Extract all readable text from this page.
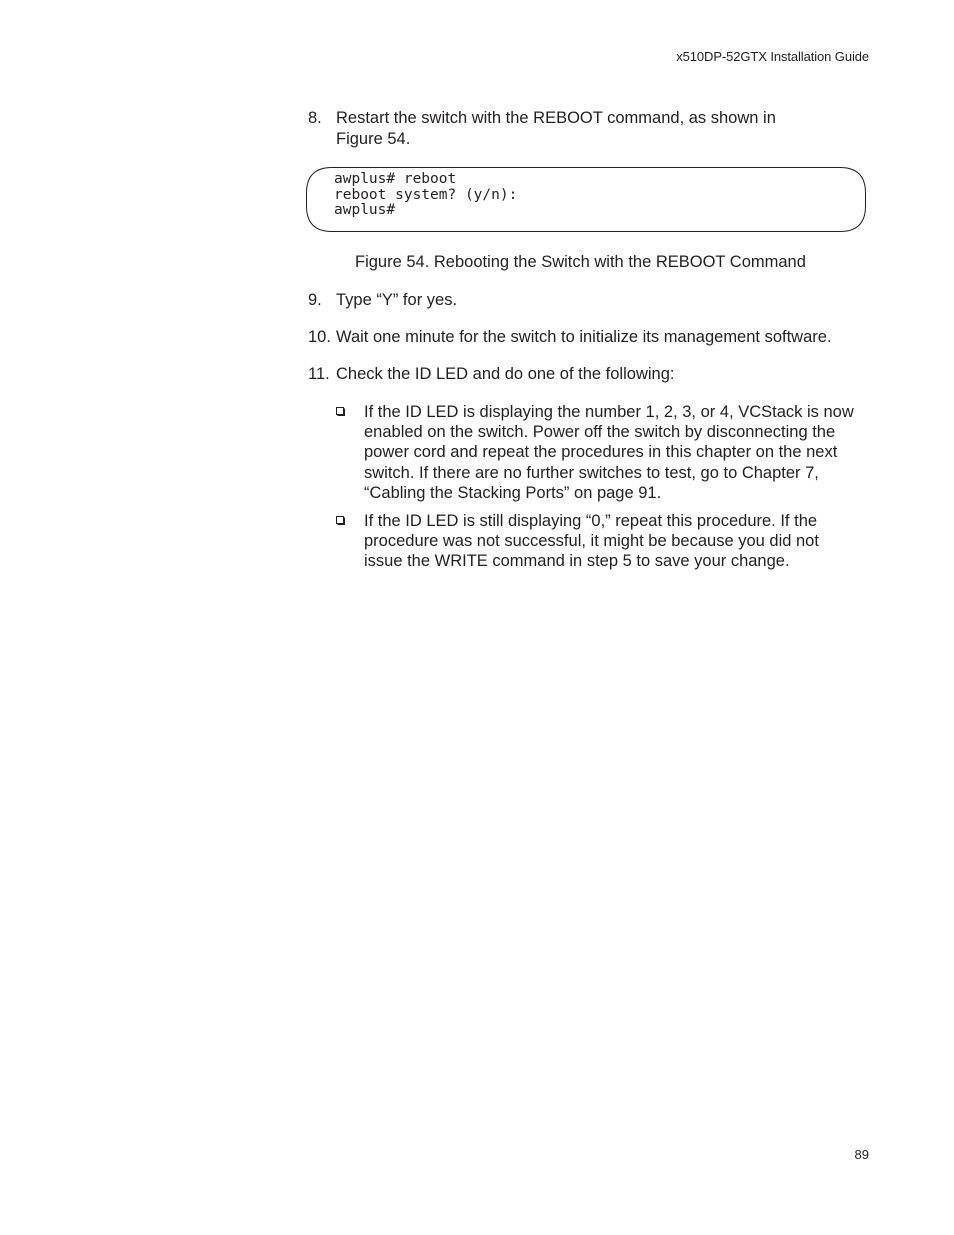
x510DP-52GTX Installation Guide
8. Restart the switch with the REBOOT command, as shown in Figure 54.
awplus# reboot
reboot system? (y/n):
awplus#
Figure 54. Rebooting the Switch with the REBOOT Command
9. Type “Y” for yes.
10. Wait one minute for the switch to initialize its management software.
11. Check the ID LED and do one of the following:
If the ID LED is displaying the number 1, 2, 3, or 4, VCStack is now enabled on the switch. Power off the switch by disconnecting the power cord and repeat the procedures in this chapter on the next switch. If there are no further switches to test, go to Chapter 7, “Cabling the Stacking Ports” on page 91.
If the ID LED is still displaying “0,” repeat this procedure. If the procedure was not successful, it might be because you did not issue the WRITE command in step 5 to save your change.
89
